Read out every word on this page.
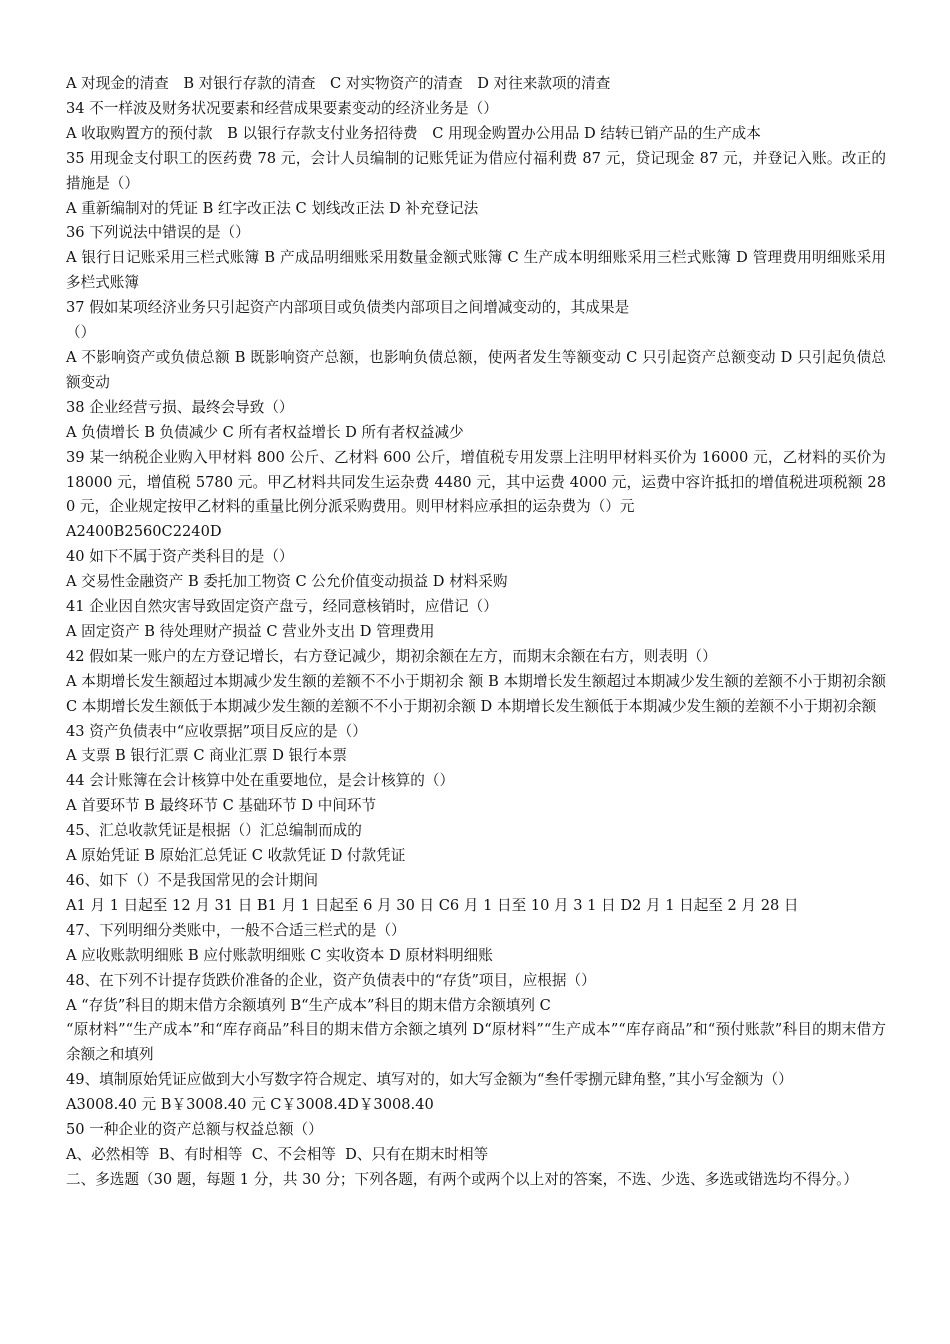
A 对现金的清查　B 对银行存款的清查　C 对实物资产的清查　D 对往来款项的清查

34 不一样波及财务状况要素和经营成果要素变动的经济业务是（）

A 收取购置方的预付款　B 以银行存款支付业务招待费　C 用现金购置办公用品 D 结转已销产品的生产成本

35 用现金支付职工的医药费 78 元，会计人员编制的记账凭证为借应付福利费 87 元，贷记现金 87 元，并登记入账。改正的措施是（）

A 重新编制对的凭证 B 红字改正法 C 划线改正法 D 补充登记法

36 下列说法中错误的是（）

A 银行日记账采用三栏式账簿 B 产成品明细账采用数量金额式账簿 C 生产成本明细账采用三栏式账簿 D 管理费用明细账采用多栏式账簿

37 假如某项经济业务只引起资产内部项目或负债类内部项目之间增减变动的，其成果是

（）

A 不影响资产或负债总额 B 既影响资产总额，也影响负债总额，使两者发生等额变动 C 只引起资产总额变动 D 只引起负债总额变动

38 企业经营亏损、最终会导致（）

A 负债增长 B 负债减少 C 所有者权益增长 D 所有者权益减少

39 某一纳税企业购入甲材料 800 公斤、乙材料 600 公斤，增值税专用发票上注明甲材料买价为 16000 元，乙材料的买价为 18000 元，增值税 5780 元。甲乙材料共同发生运杂费 4480 元，其中运费 4000 元，运费中容许抵扣的增值税进项税额 280 元，企业规定按甲乙材料的重量比例分派采购费用。则甲材料应承担的运杂费为（）元

A2400B2560C2240D

40 如下不属于资产类科目的是（）

A 交易性金融资产 B 委托加工物资 C 公允价值变动损益 D 材料采购

41 企业因自然灾害导致固定资产盘亏，经同意核销时，应借记（）

A 固定资产 B 待处理财产损益 C 营业外支出 D 管理费用

42 假如某一账户的左方登记增长，右方登记减少，期初余额在左方，而期末余额在右方，则表明（）

A 本期增长发生额超过本期减少发生额的差额不不小于期初余 额 B 本期增长发生额超过本期减少发生额的差额不小于期初余额 C 本期增长发生额低于本期减少发生额的差额不不小于期初余额 D 本期增长发生额低于本期减少发生额的差额不小于期初余额

43 资产负债表中“应收票据”项目反应的是（）

A 支票 B 银行汇票 C 商业汇票 D 银行本票

44 会计账簿在会计核算中处在重要地位，是会计核算的（）

A 首要环节 B 最终环节 C 基础环节 D 中间环节

45、汇总收款凭证是根据（）汇总编制而成的

A 原始凭证 B 原始汇总凭证 C 收款凭证 D 付款凭证

46、如下（）不是我国常见的会计期间

A1 月 1 日起至 12 月 31 日 B1 月 1 日起至 6 月 30 日 C6 月 1 日至 10 月 3 1 日 D2 月 1 日起至 2 月 28 日

47、下列明细分类账中，一般不合适三栏式的是（）

A 应收账款明细账 B 应付账款明细账 C 实收资本 D 原材料明细账

48、在下列不计提存货跌价准备的企业，资产负债表中的“存货”项目，应根据（）

A “存货”科目的期末借方余额填列 B“生产成本”科目的期末借方余额填列 C

“原材料”“生产成本”和“库存商品”科目的期末借方余额之填列 D“原材料”“生产成本”“库存商品”和“预付账款”科目的期末借方余额之和填列

49、填制原始凭证应做到大小写数字符合规定、填写对的，如大写金额为“叁仟零捌元肆角整，”其小写金额为（）

A3008.40 元 B￥3008.40 元 C￥3008.4D￥3008.40

50 一种企业的资产总额与权益总额（）

A、必然相等  B、有时相等  C、不会相等  D、只有在期末时相等

二、多选题（30 题，每题 1 分，共 30 分；下列各题，有两个或两个以上对的答案，不选、少选、多选或错选均不得分。）
